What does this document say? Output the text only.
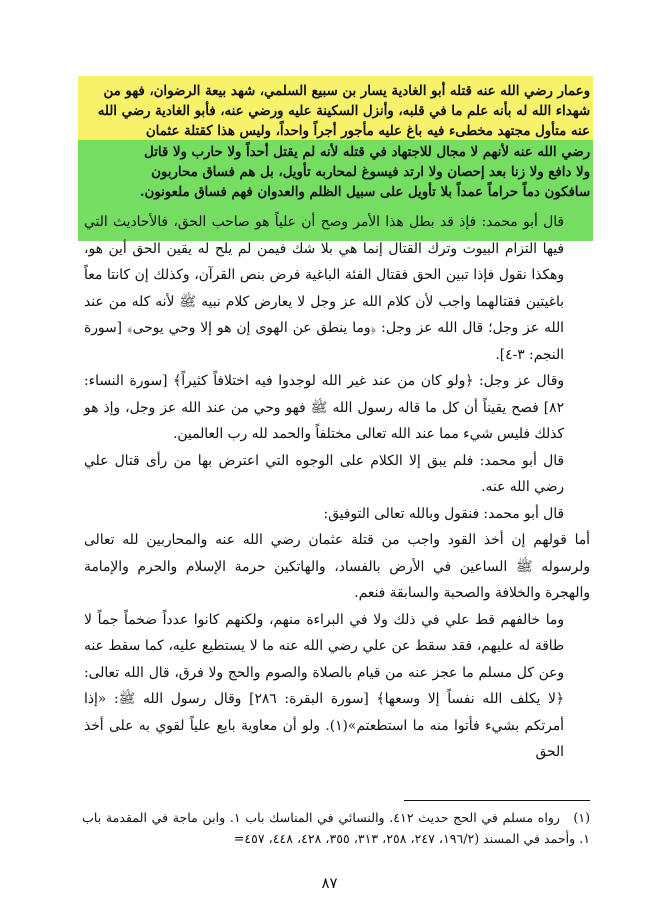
وعمار رضي الله عنه قتله أبو الغادية يسار بن سبيع السلمي، شهد بيعة الرضوان، فهو من

شهداء الله له بأنه علم ما في قلبه، وأنزل السكينة عليه ورضي عنه، فأبو الغادية رضي الله

عنه متأول مجتهد مخطىء فيه باغ عليه مأجور أجراً واحداً، وليس هذا كقتلة عثمان

رضي الله عنه لأنهم لا مجال للاجتهاد في قتله لأنه لم يقتل أحداً ولا حارب ولا قاتل

ولا دافع ولا زنا بعد إحصان ولا ارتد فيسوغ لمحاربه تأويل، بل هم فساق محاربون

سافكون دماً حراماً عمداً بلا تأويل على سبيل الظلم والعدوان فهم فساق ملعونون.

قال أبو محمد: فإذ قد بطل هذا الأمر وصح أن علياً هو صاحب الحق، فالأحاديث التي فيها التزام البيوت وترك القتال إنما هي بلا شك فيمن لم يلح له يقين الحق أين هو، وهكذا نقول فإذا تبين الحق فقتال الفئة الباغية فرض بنص القرآن، وكذلك إن كانتا معاً باغيتين فقتالهما واجب لأن كلام الله عز وجل لا يعارض كلام نبيه ﷺ لأنه كله من عند الله عز وجل؛ قال الله عز وجل: ﴿وما ينطق عن الهوى إن هو إلا وحي يوحى﴾ [سورة النجم: ٣-٤].

وقال عز وجل: ﴿ولو كان من عند غير الله لوجدوا فيه اختلافاً كثيراً﴾ [سورة النساء: ٨٢] فصح يقيناً أن كل ما قاله رسول الله ﷺ فهو وحي من عند الله عز وجل، وإذ هو كذلك فليس شيء مما عند الله تعالى مختلفاً والحمد لله رب العالمين.

قال أبو محمد: فلم يبق إلا الكلام على الوجوه التي اعترض بها من رأى قتال علي رضي الله عنه.

قال أبو محمد: فنقول وبالله تعالى التوفيق:

أما قولهم إن أخذ القود واجب من قتلة عثمان رضي الله عنه والمحاربين لله تعالى ولرسوله ﷺ الساعين في الأرض بالفساد، والهاتكين حرمة الإسلام والحرم والإمامة والهجرة والخلافة والصحبة والسابقة فنعم.

وما خالفهم قط علي في ذلك ولا في البراءة منهم، ولكنهم كانوا عدداً ضخماً جماً لا طاقة له عليهم، فقد سقط عن علي رضي الله عنه ما لا يستطيع عليه، كما سقط عنه وعن كل مسلم ما عجز عنه من قيام بالصلاة والصوم والحج ولا فرق، قال الله تعالى: ﴿لا يكلف الله نفساً إلا وسعها﴾ [سورة البقرة: ٢٨٦] وقال رسول الله ﷺ: «إذا أمرتكم بشيء فأتوا منه ما استطعتم»(١). ولو أن معاوية بايع علياً لقوي به على أخذ الحق

(١)رواه مسلم في الحج حديث ٤١٢. والنسائي في المناسك باب ١. وابن ماجة في المقدمة باب ١. وأحمد في المسند (١٩٦/٢، ٢٤٧، ٢٥٨، ٣١٣، ٣٥٥، ٤٢٨، ٤٤٨، ٤٥٧=

٨٧
